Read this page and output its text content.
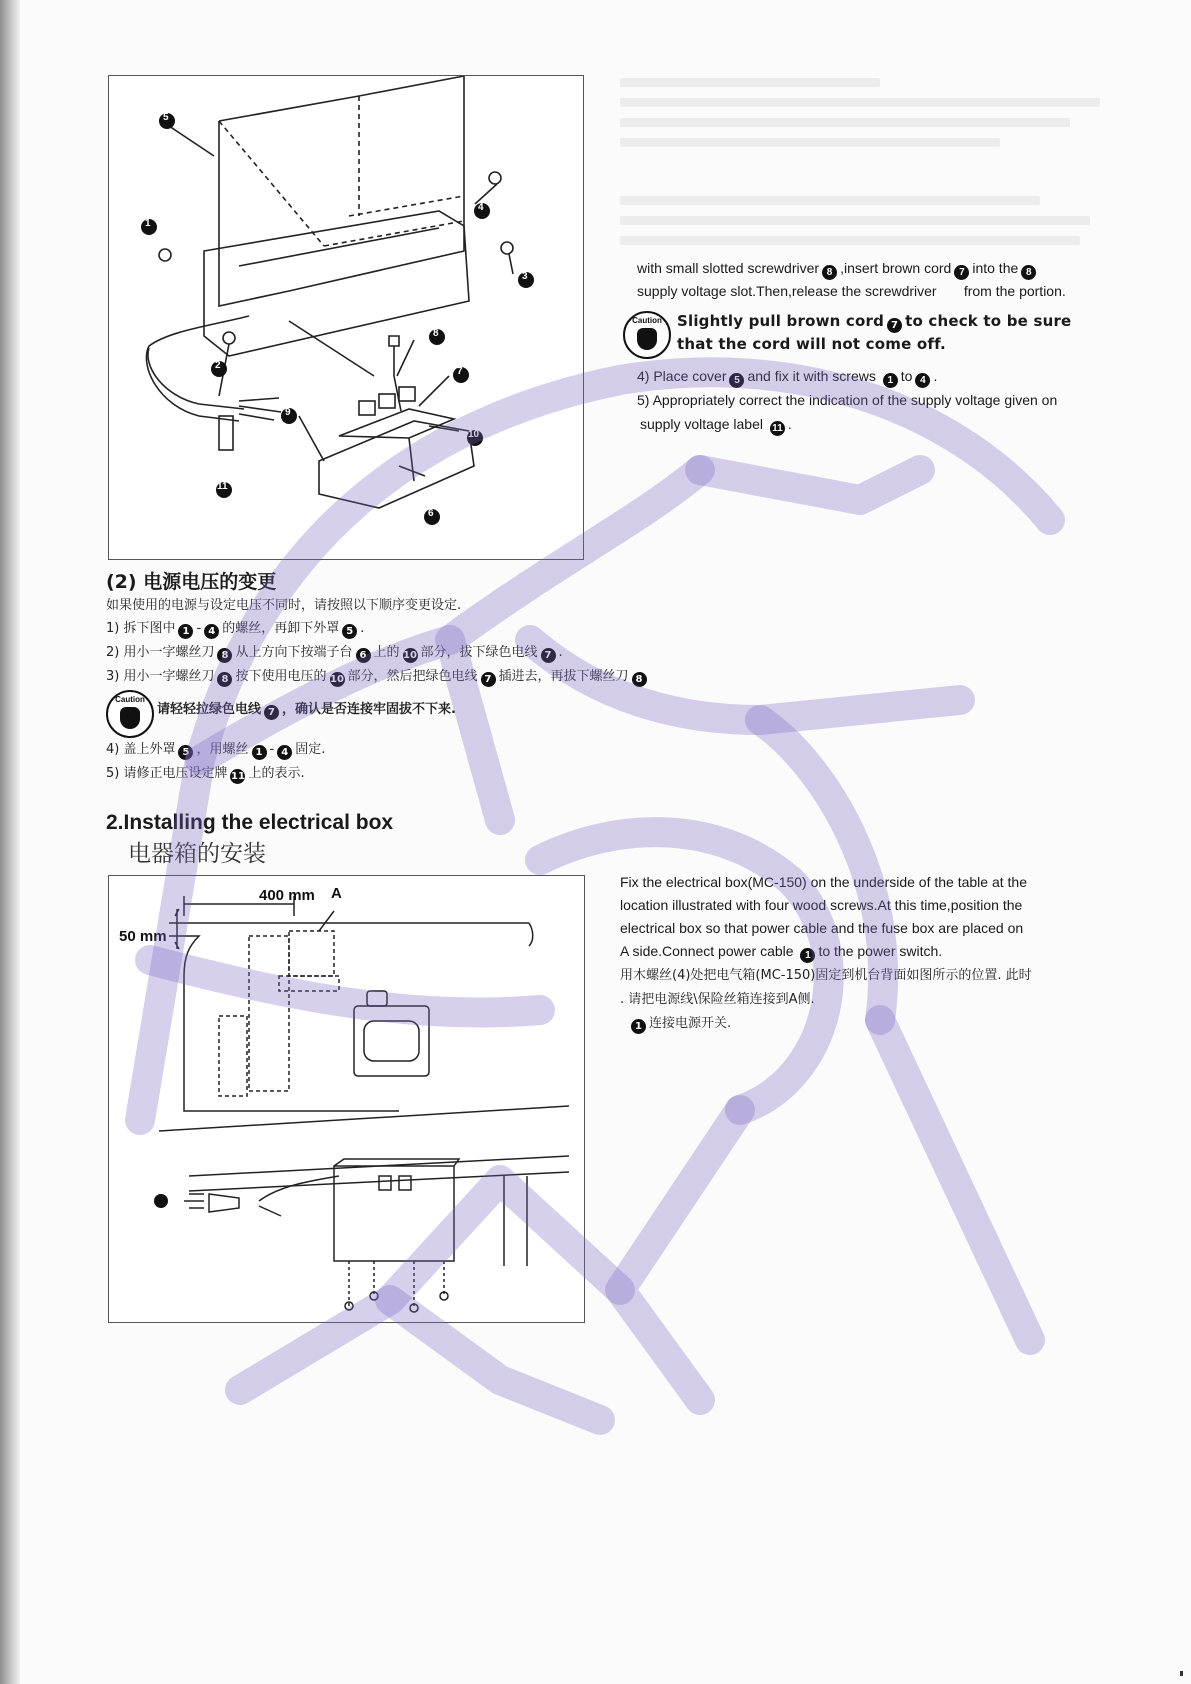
5
4
1
3
8
7
2
9
10
11
6
with small slotted screwdriver 8 ,insert brown cord 7 into the 8
supply voltage slot.Then,release the screwdriver from the portion.
Caution	Slightly pull brown cord 7 to check to be sure
that the cord will not come off.
4) Place cover 5 and fix it with screws 1 to 4 .
5) Appropriately correct the indication of the supply voltage given on
supply voltage label 11 .
(2) 电源电压的变更
如果使用的电源与设定电压不同时，请按照以下顺序变更设定.
1) 拆下图中 1 - 4 的螺丝，再卸下外罩 5 .
2) 用小一字螺丝刀 8 从上方向下按端子台 6 上的 10 部分，拔下绿色电线 7 .
3) 用小一字螺丝刀 8 按下使用电压的 10 部分，然后把绿色电线 7 插进去，再拔下螺丝刀 8
Caution
请轻轻拉绿色电线 7 ，确认是否连接牢固拔不下来.
4) 盖上外罩 5 ，用螺丝 1 - 4 固定.
5) 请修正电压设定牌 11 上的表示.
2.Installing the electrical box
电器箱的安装
400 mm
50 mm
A
Fix the electrical box(MC-150) on the underside of the table at the
location illustrated with four wood screws.At this time,position the
electrical box so that power cable and the fuse box are placed on
A side.Connect power cable 1 to the power switch.
用木螺丝(4)处把电气箱(MC-150)固定到机台背面如图所示的位置. 此时
. 请把电源线\保险丝箱连接到A侧.
1 连接电源开关.
